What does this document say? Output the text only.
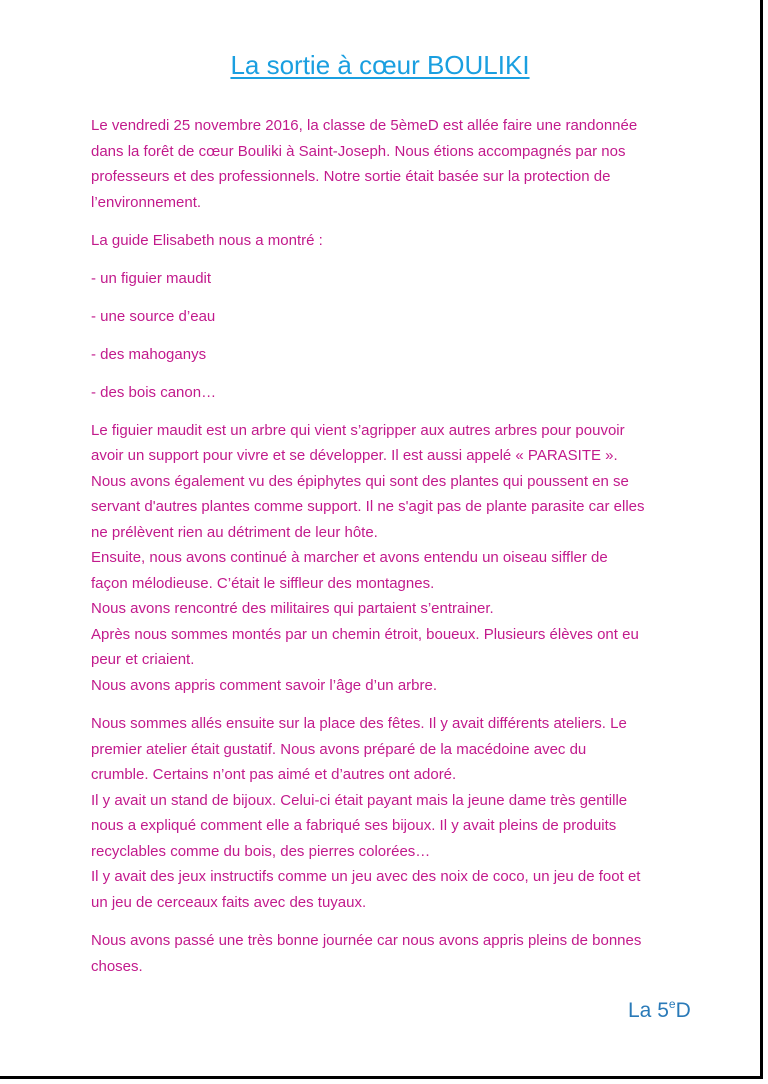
La sortie à cœur BOULIKI

Le vendredi 25 novembre 2016, la classe de 5èmeD est allée faire une randonnée

dans la forêt de cœur Bouliki à Saint-Joseph. Nous étions accompagnés par nos

professeurs et des professionnels. Notre sortie était basée sur la protection de

l’environnement.

La guide Elisabeth nous a montré :

- un figuier maudit

- une source d’eau

- des mahoganys

- des bois canon…

Le figuier maudit est un arbre qui vient s’agripper aux autres arbres pour pouvoir

avoir un support pour vivre et se développer. Il est aussi appelé « PARASITE ».

Nous avons également vu des épiphytes qui sont des plantes qui poussent en se

servant d'autres plantes comme support. Il ne s'agit pas de plante parasite car elles

ne prélèvent rien au détriment de leur hôte.

Ensuite, nous avons continué à marcher et avons entendu un oiseau siffler de

façon mélodieuse. C’était le siffleur des montagnes.

Nous avons rencontré des militaires qui partaient s’entrainer.

Après nous sommes montés par un chemin étroit, boueux. Plusieurs élèves ont eu

peur et criaient.

Nous avons appris comment savoir l’âge d’un arbre.

Nous sommes allés ensuite sur la place des fêtes. Il y avait différents ateliers. Le

premier atelier était gustatif. Nous avons préparé de la macédoine avec du

crumble. Certains n’ont pas aimé et d’autres ont adoré.

Il y avait un stand de bijoux. Celui-ci était payant mais la jeune dame très gentille

nous a expliqué comment elle a fabriqué ses bijoux. Il y avait pleins de produits

recyclables comme du bois, des pierres colorées…

Il y avait des jeux instructifs comme un jeu avec des noix de coco, un jeu de foot et

un jeu de cerceaux faits avec des tuyaux.

Nous avons passé une très bonne journée car nous avons appris pleins de bonnes

choses.

La 5eD
